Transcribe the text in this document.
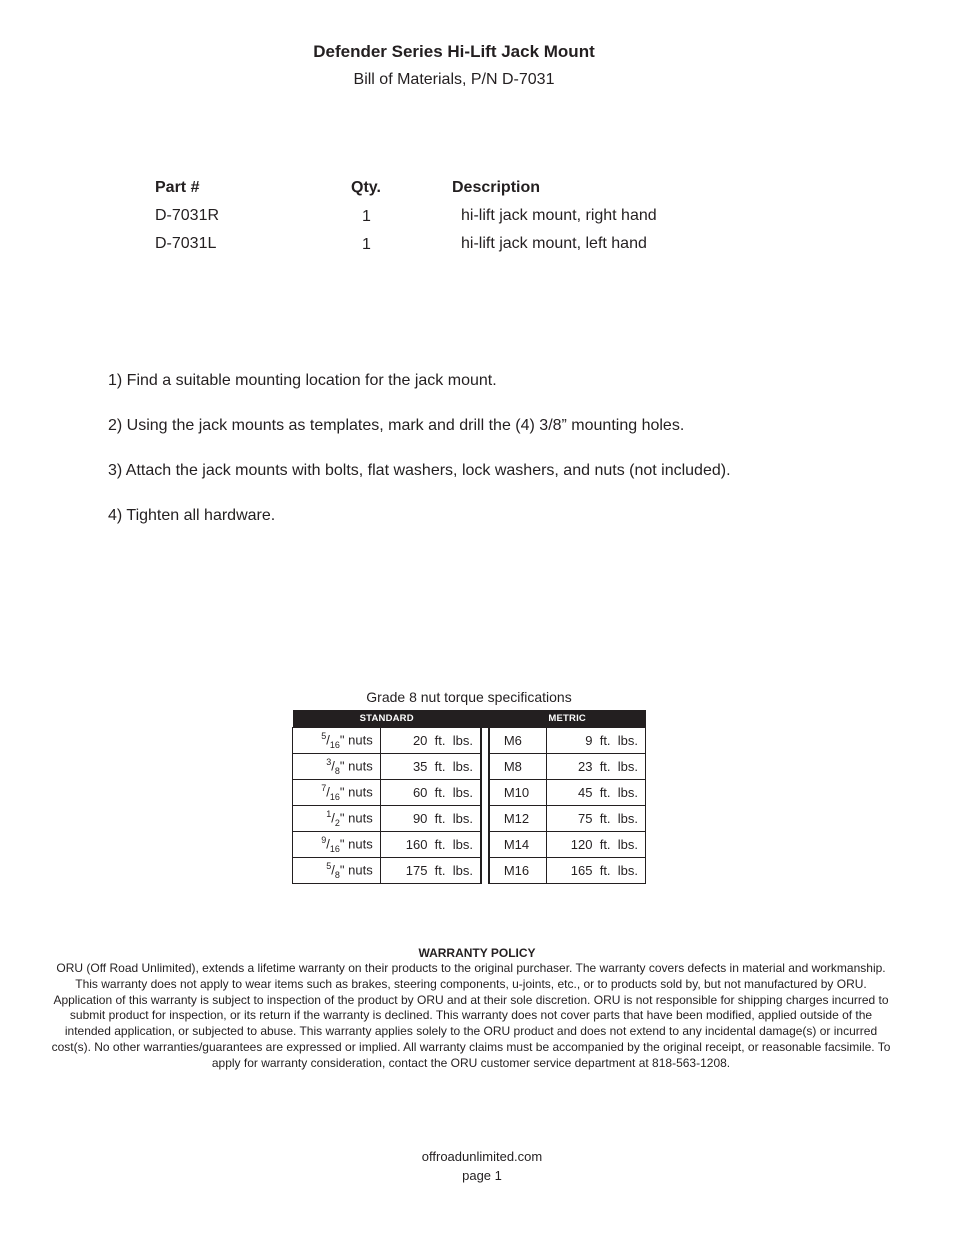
Defender Series Hi-Lift Jack Mount
Bill of Materials, P/N D-7031
Part #	Qty.	Description
D-7031R	1	hi-lift jack mount, right hand
D-7031L	1	hi-lift jack mount, left hand
1) Find a suitable mounting location for the jack mount.
2) Using the jack mounts as templates, mark and drill the (4) 3/8” mounting holes.
3) Attach the jack mounts with bolts, flat washers, lock washers, and nuts (not included).
4) Tighten all hardware.
Grade 8 nut torque specifications
STANDARD			METRIC	
$^5/_{16}$" nuts	20  ft.  lbs.		M6	9  ft.  lbs.
$^3/_8$" nuts	35  ft.  lbs.		M8	23  ft.  lbs.
$^7/_{16}$" nuts	60  ft.  lbs.		M10	45  ft.  lbs.
$^1/_2$" nuts	90  ft.  lbs.		M12	75  ft.  lbs.
$^9/_{16}$" nuts	160  ft.  lbs.		M14	120  ft.  lbs.
$^5/_8$" nuts	175  ft.  lbs.		M16	165  ft.  lbs.
WARRANTY POLICY
ORU (Off Road Unlimited), extends a lifetime warranty on their products to the original purchaser. The warranty covers defects in material and workmanship. This warranty does not apply to wear items such as brakes, steering components, u-joints, etc., or to products sold by, but not manufactured by ORU. Application of this warranty is subject to inspection of the product by ORU and at their sole discretion. ORU is not responsible for shipping charges incurred to submit product for inspection, or its return if the warranty is declined. This warranty does not cover parts that have been modified, applied outside of the intended application, or subjected to abuse. This warranty applies solely to the ORU product and does not extend to any incidental damage(s) or incurred cost(s). No other warranties/guarantees are expressed or implied. All warranty claims must be accompanied by the original receipt, or reasonable facsimile. To apply for warranty consideration, contact the ORU customer service department at 818-563-1208.
offroadunlimited.com
page 1
